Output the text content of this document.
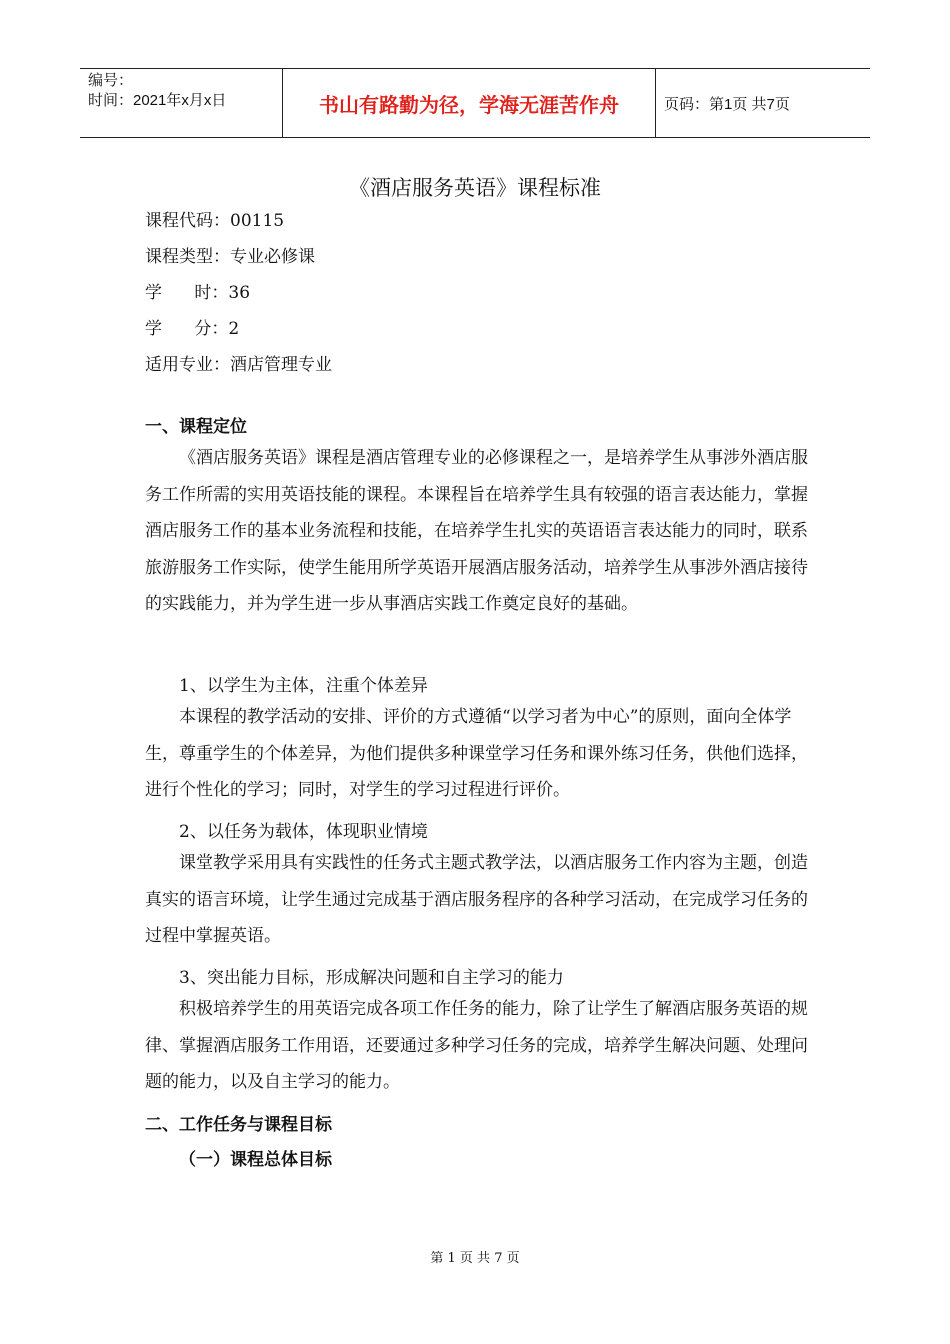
编号：
时间：2021年x月x日	书山有路勤为径，学海无涯苦作舟	页码：第1页 共7页
《酒店服务英语》课程标准
课程代码：00115
课程类型：专业必修课
学      时：36
学      分：2
适用专业：酒店管理专业
一、课程定位

《酒店服务英语》课程是酒店管理专业的必修课程之一，是培养学生从事涉外酒店服务工作所需的实用英语技能的课程。本课程旨在培养学生具有较强的语言表达能力，掌握酒店服务工作的基本业务流程和技能，在培养学生扎实的英语语言表达能力的同时，联系旅游服务工作实际，使学生能用所学英语开展酒店服务活动，培养学生从事涉外酒店接待的实践能力，并为学生进一步从事酒店实践工作奠定良好的基础。

1、以学生为主体，注重个体差异

本课程的教学活动的安排、评价的方式遵循“以学习者为中心”的原则，面向全体学生，尊重学生的个体差异，为他们提供多种课堂学习任务和课外练习任务，供他们选择，进行个性化的学习；同时，对学生的学习过程进行评价。

2、以任务为载体，体现职业情境

课堂教学采用具有实践性的任务式主题式教学法，以酒店服务工作内容为主题，创造真实的语言环境，让学生通过完成基于酒店服务程序的各种学习活动，在完成学习任务的过程中掌握英语。

3、突出能力目标，形成解决问题和自主学习的能力

积极培养学生的用英语完成各项工作任务的能力，除了让学生了解酒店服务英语的规律、掌握酒店服务工作用语，还要通过多种学习任务的完成，培养学生解决问题、处理问题的能力，以及自主学习的能力。

二、工作任务与课程目标
（一）课程总体目标
第 1 页 共 7 页
